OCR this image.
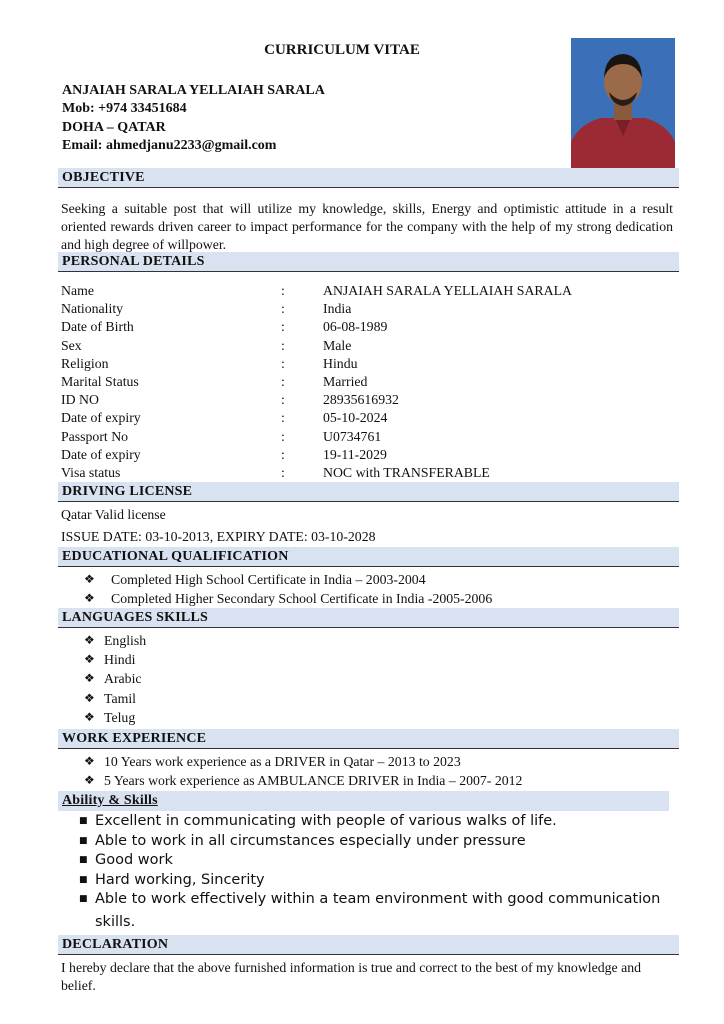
CURRICULUM VITAE
ANJAIAH SARALA YELLAIAH SARALA
Mob: +974 33451684
DOHA – QATAR
Email: ahmedjanu2233@gmail.com
OBJECTIVE
Seeking a suitable post that will utilize my knowledge, skills, Energy and optimistic attitude in a result oriented rewards driven career to impact performance for the company with the help of my strong dedication and high degree of willpower.
PERSONAL DETAILS
Name	:	ANJAIAH SARALA YELLAIAH SARALA
Nationality	:	India
Date of Birth	:	06-08-1989
Sex	:	Male
Religion	:	Hindu
Marital Status	:	Married
ID NO	:	28935616932
Date of expiry	:	05-10-2024
Passport No	:	U0734761
Date of expiry	:	19-11-2029
Visa status	:	NOC with TRANSFERABLE
DRIVING LICENSE
Qatar Valid license
ISSUE DATE: 03-10-2013, EXPIRY DATE: 03-10-2028
EDUCATIONAL QUALIFICATION
❖ Completed High School Certificate in India – 2003-2004
❖ Completed Higher Secondary School Certificate in India -2005-2006
LANGUAGES SKILLS
❖ English
❖ Hindi
❖ Arabic
❖ Tamil
❖ Telug
WORK EXPERIENCE
❖ 10 Years work experience as a DRIVER in Qatar – 2013 to 2023
❖ 5 Years work experience as AMBULANCE DRIVER in India – 2007- 2012
Ability & Skills
■ Excellent in communicating with people of various walks of life.
■ Able to work in all circumstances especially under pressure
■ Good work
■ Hard working, Sincerity
■ Able to work effectively within a team environment with good communication
skills.
DECLARATION
I hereby declare that the above furnished information is true and correct to the best of my knowledge and belief.
